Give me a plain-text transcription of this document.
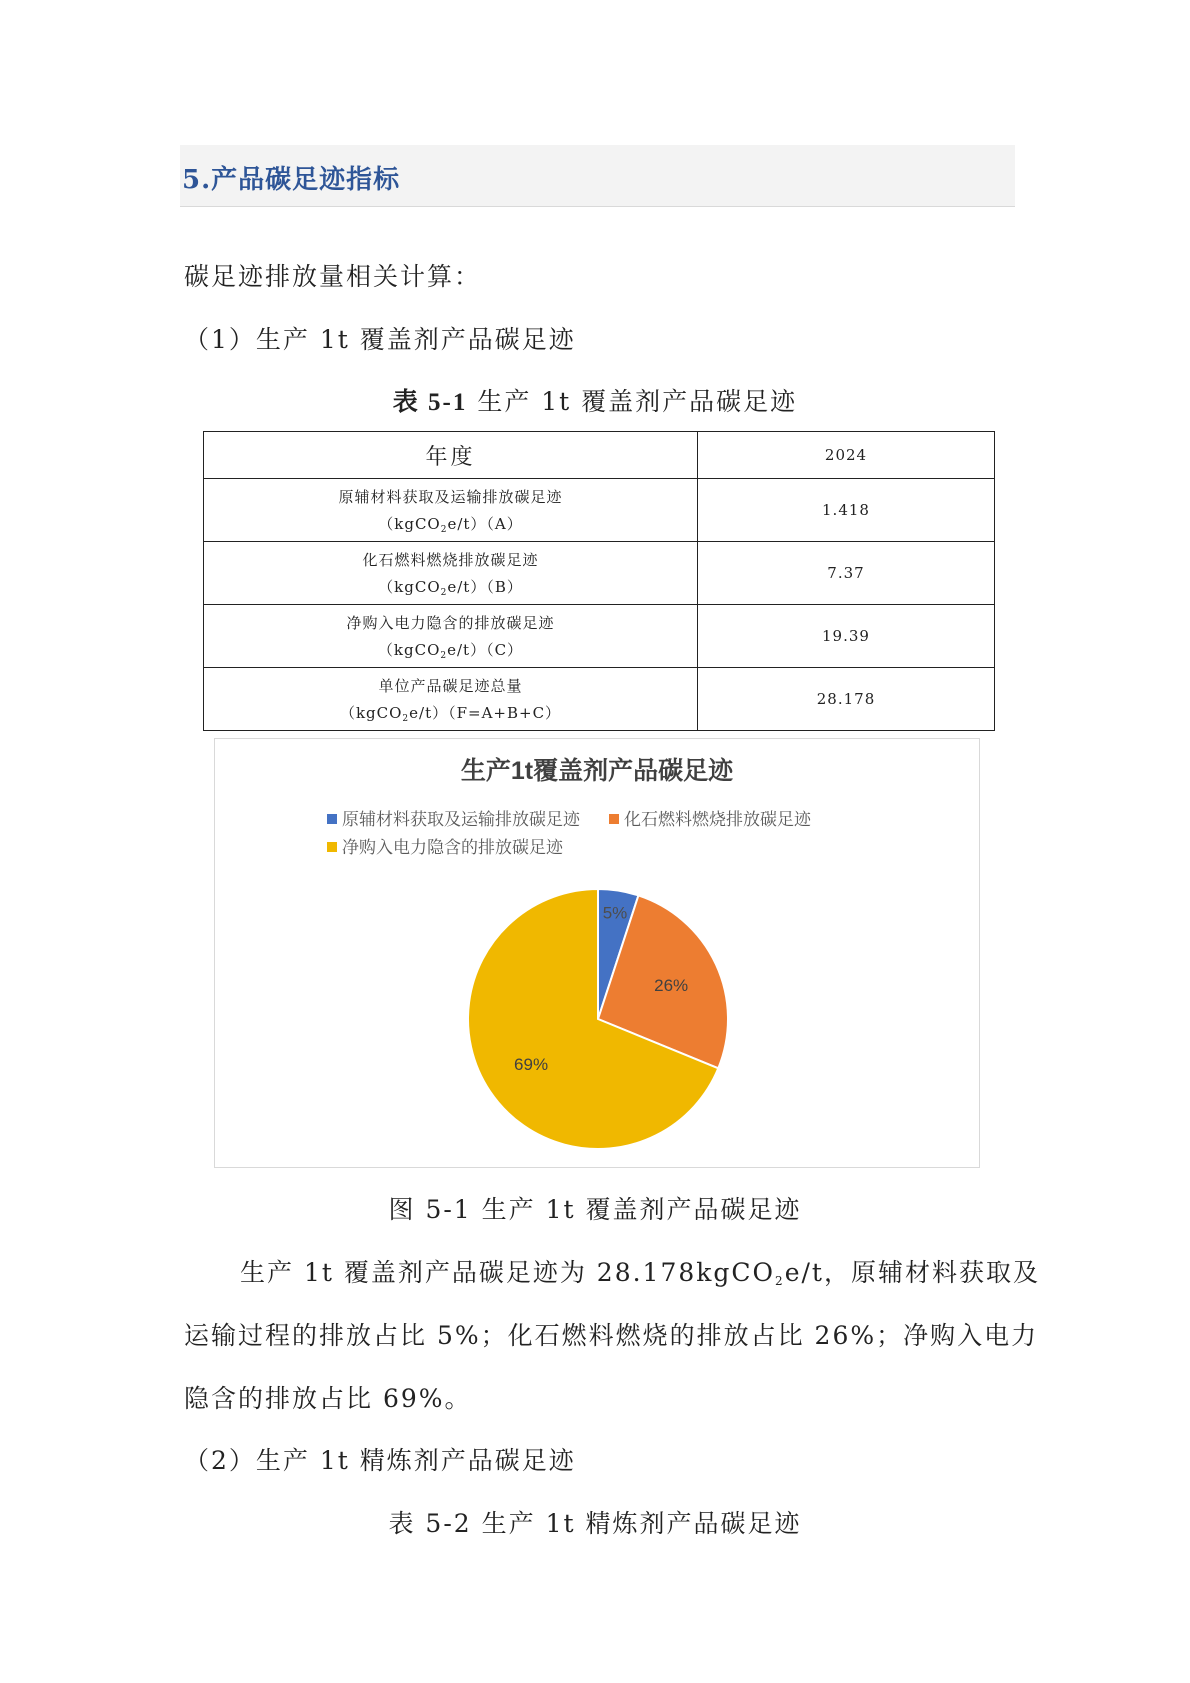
5.产品碳足迹指标
碳足迹排放量相关计算：
（1）生产 1t 覆盖剂产品碳足迹
表 5-1 生产 1t 覆盖剂产品碳足迹
年度	2024
原辅材料获取及运输排放碳足迹
（kgCO$_2$e/t）（A）	1.418
化石燃料燃烧排放碳足迹
（kgCO$_2$e/t）（B）	7.37
净购入电力隐含的排放碳足迹
（kgCO$_2$e/t）（C）	19.39
单位产品碳足迹总量
（kgCO$_2$e/t）（F=A+B+C）	28.178
生产1t覆盖剂产品碳足迹
原辅材料获取及运输排放碳足迹	化石燃料燃烧排放碳足迹
净购入电力隐含的排放碳足迹
5%
26%
69%
图 5-1 生产 1t 覆盖剂产品碳足迹
生产 1t 覆盖剂产品碳足迹为 28.178kgCO2e/t，原辅材料获取及
运输过程的排放占比 5%；化石燃料燃烧的排放占比 26%；净购入电力
隐含的排放占比 69%。
（2）生产 1t 精炼剂产品碳足迹
表 5-2 生产 1t 精炼剂产品碳足迹
